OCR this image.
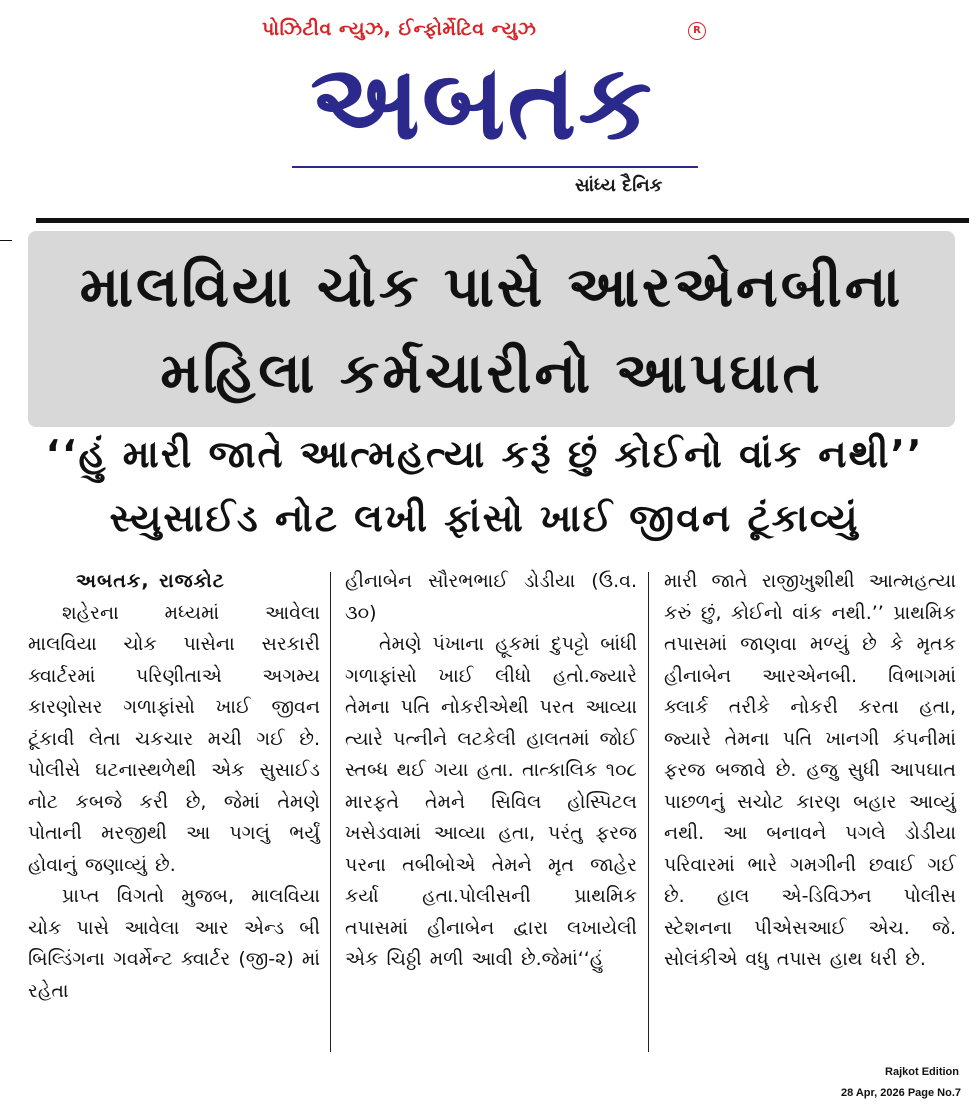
પોઝિટીવ ન્યુઝ, ઈન્ફોર્મેટિવ ન્યુઝ	R
અબતક
સાંધ્ય દૈનિક
માલવિયા ચોક પાસે આરએનબીના
મહિલા કર્મચારીનો આપઘાત
‘‘હું મારી જાતે આત્મહત્યા કરૂં છું કોઈનો વાંક નથી’’
સ્યુસાઈડ નોટ લખી ફાંસો ખાઈ જીવન ટૂંકાવ્યું

અબતક, રાજકોટ

શહેરના મધ્યમાં આવેલા માલવિયા ચોક પાસેના સરકારી ક્વાર્ટરમાં પરિણીતાએ અગમ્ય કારણોસર ગળાફાંસો ખાઈ જીવન ટૂંકાવી લેતા ચકચાર મચી ગઈ છે. પોલીસે ઘટનાસ્થળેથી એક સુસાઈડ નોટ કબજે કરી છે, જેમાં તેમણે પોતાની મરજીથી આ પગલું ભર્યું હોવાનું જણાવ્યું છે.

પ્રાપ્ત વિગતો મુજબ, માલવિયા ચોક પાસે આવેલા આર એન્ડ બી બિલ્ડિંગના ગવર્મેન્ટ ક્વાર્ટર (જી-૨) માં રહેતા

હીનાબેન સૌરભભાઈ ડોડીયા (ઉ.વ. ૩૦)

તેમણે પંખાના હૂકમાં દુપટ્ટો બાંધી ગળાફાંસો ખાઈ લીધો હતો.જ્યારે તેમના પતિ નોકરીએથી પરત આવ્યા ત્યારે પત્નીને લટકેલી હાલતમાં જોઈ સ્તબ્ધ થઈ ગયા હતા. તાત્કાલિક ૧૦૮ મારફતે તેમને સિવિલ હોસ્પિટલ ખસેડવામાં આવ્યા હતા, પરંતુ ફરજ પરના તબીબોએ તેમને મૃત જાહેર કર્યા હતા.પોલીસની પ્રાથમિક તપાસમાં હીનાબેન દ્વારા લખાયેલી એક ચિઠ્ઠી મળી આવી છે.જેમાં‘‘હું

મારી જાતે રાજીખુશીથી આત્મહત્યા કરું છું, કોઈનો વાંક નથી.’’ પ્રાથમિક તપાસમાં જાણવા મળ્યું છે કે મૃતક હીનાબેન આરએનબી. વિભાગમાં ક્લાર્ક તરીકે નોકરી કરતા હતા, જ્યારે તેમના પતિ ખાનગી કંપનીમાં ફરજ બજાવે છે. હજુ સુધી આપઘાત પાછળનું સચોટ કારણ બહાર આવ્યું નથી. આ બનાવને પગલે ડોડીયા પરિવારમાં ભારે ગમગીની છવાઈ ગઈ છે. હાલ એ-ડિવિઝન પોલીસ સ્ટેશનના પીએસઆઈ એચ. જે. સોલંકીએ વધુ તપાસ હાથ ધરી છે.

Rajkot Edition
28 Apr, 2026 Page No.7
